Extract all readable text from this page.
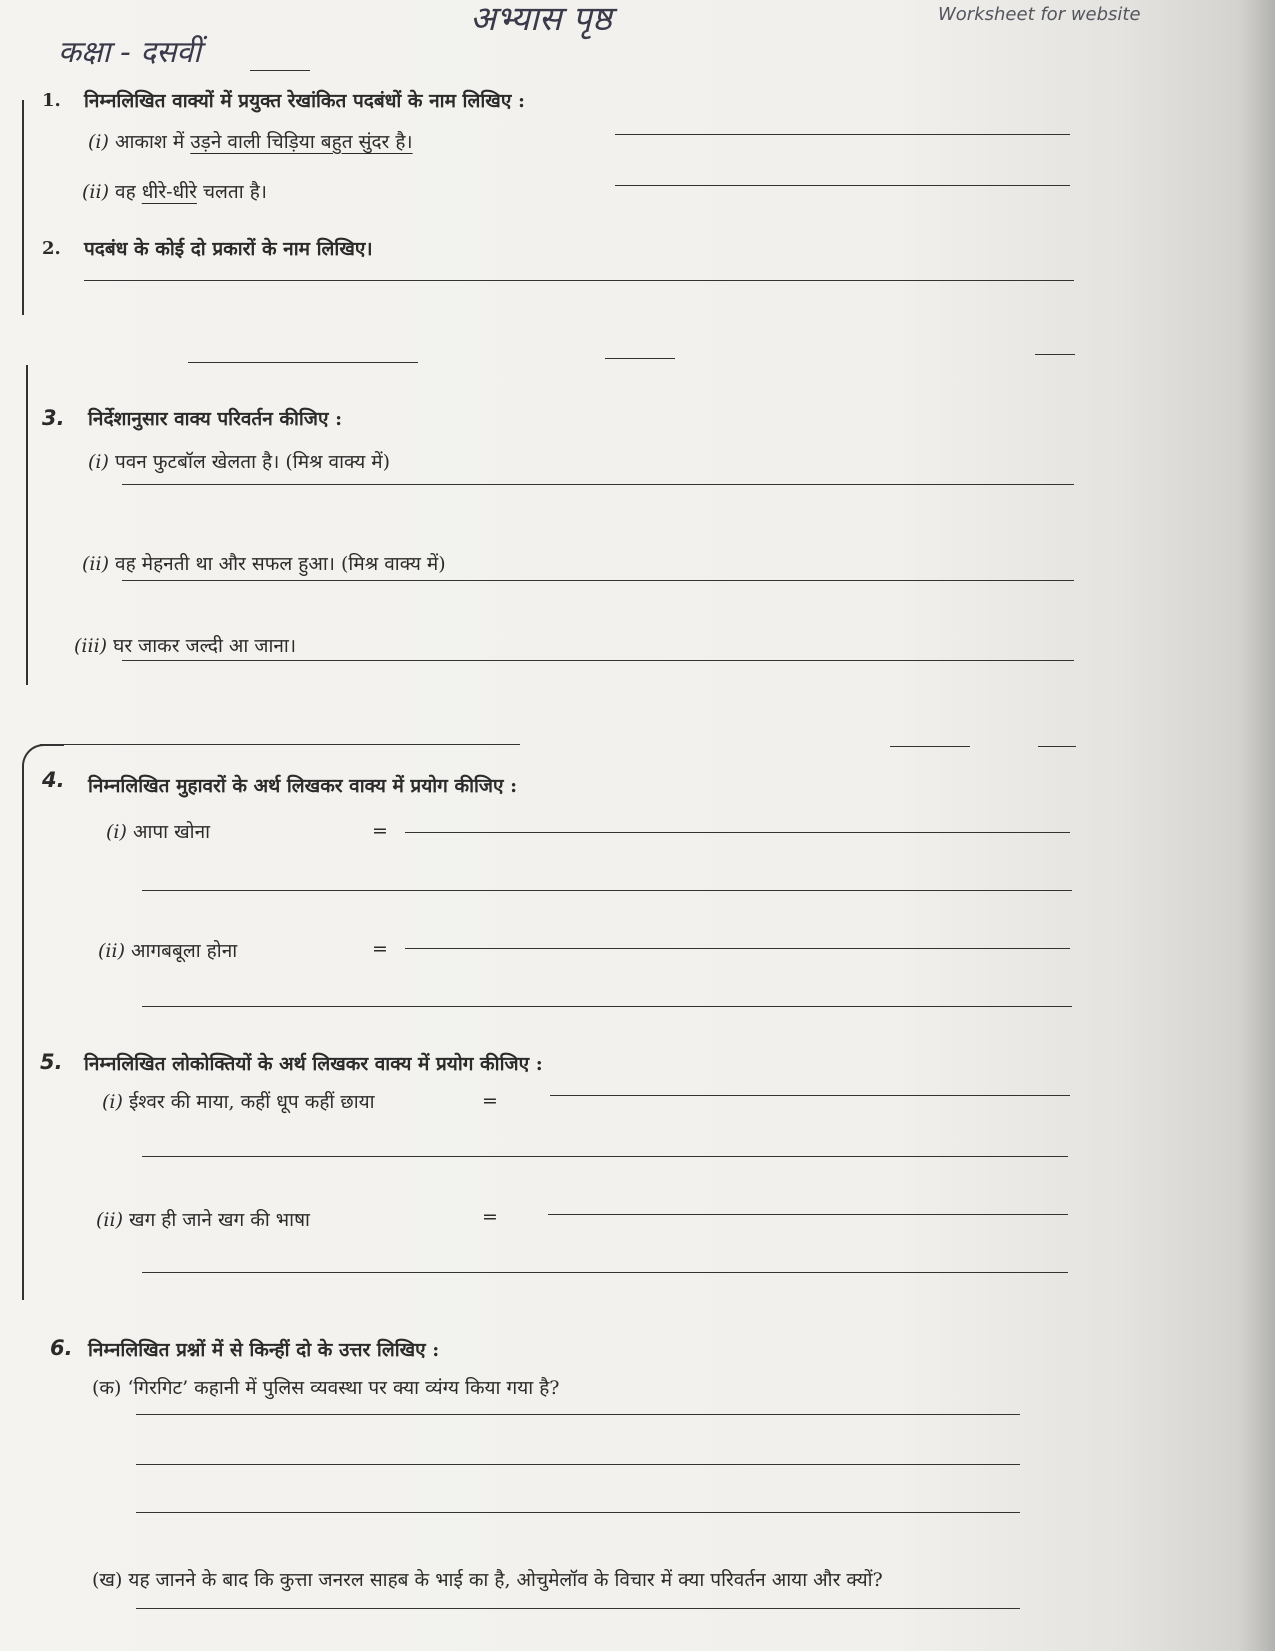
अभ्यास पृष्ठ
कक्षा - दसवीं
Worksheet for website
1. निम्नलिखित वाक्यों में प्रयुक्त रेखांकित पदबंधों के नाम लिखिए :
(i) आकाश में उड़ने वाली चिड़िया बहुत सुंदर है।
(ii) वह धीरे-धीरे चलता है।
2. पदबंध के कोई दो प्रकारों के नाम लिखिए।
3. निर्देशानुसार वाक्य परिवर्तन कीजिए :
(i) पवन फुटबॉल खेलता है। (मिश्र वाक्य में)
(ii) वह मेहनती था और सफल हुआ। (मिश्र वाक्य में)
(iii) घर जाकर जल्दी आ जाना।
4. निम्नलिखित मुहावरों के अर्थ लिखकर वाक्य में प्रयोग कीजिए :
(i) आपा खोना	=
(ii) आगबबूला होना	=
5. निम्नलिखित लोकोक्तियों के अर्थ लिखकर वाक्य में प्रयोग कीजिए :
(i) ईश्वर की माया, कहीं धूप कहीं छाया	=
(ii) खग ही जाने खग की भाषा	=
6. निम्नलिखित प्रश्नों में से किन्हीं दो के उत्तर लिखिए :
(क) ‘गिरगिट’ कहानी में पुलिस व्यवस्था पर क्या व्यंग्य किया गया है?
(ख) यह जानने के बाद कि कुत्ता जनरल साहब के भाई का है, ओचुमेलॉव के विचार में क्या परिवर्तन आया और क्यों?
